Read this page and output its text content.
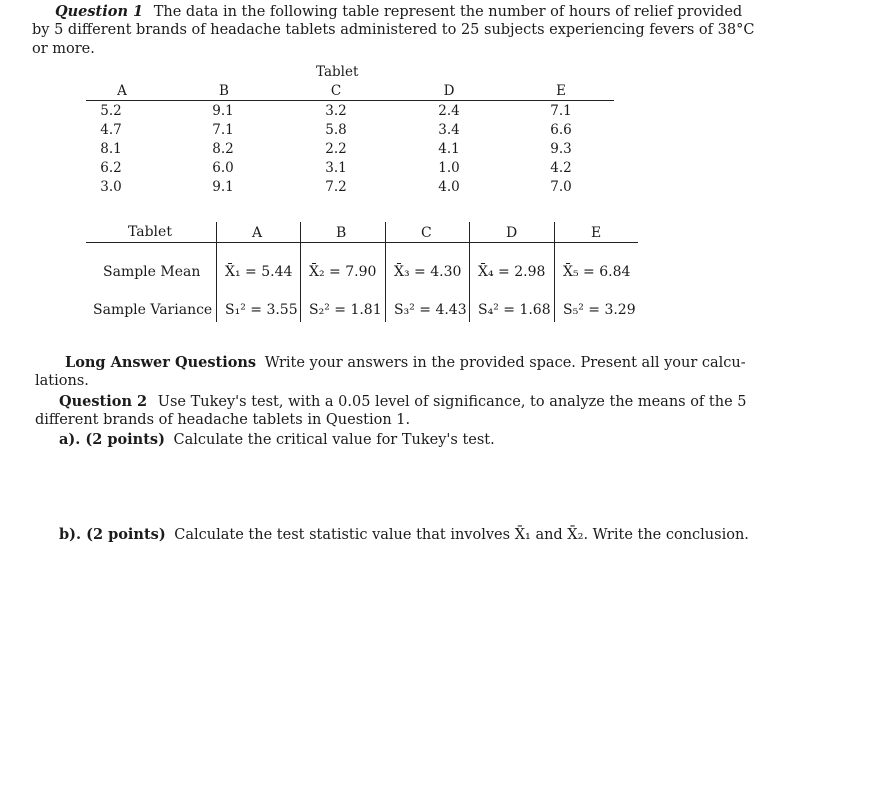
Question 1 The data in the following table represent the number of hours of relief provided
by 5 different brands of headache tablets administered to 25 subjects experiencing fevers of 38°C
or more.
Tablet
A	B	C	D	E
5.2	9.1	3.2	2.4	7.1
4.7	7.1	5.8	3.4	6.6
8.1	8.2	2.2	4.1	9.3
6.2	6.0	3.1	1.0	4.2
3.0	9.1	7.2	4.0	7.0
Tablet	A	B	C	D	E
Sample Mean X̄₁ = 5.44 X̄₂ = 7.90 X̄₃ = 4.30 X̄₄ = 2.98 X̄₅ = 6.84
Sample Variance S₁² = 3.55 S₂² = 1.81 S₃² = 4.43 S₄² = 1.68 S₅² = 3.29
Long Answer Questions Write your answers in the provided space. Present all your calcu-
lations.
Question 2 Use Tukey's test, with a 0.05 level of significance, to analyze the means of the 5
different brands of headache tablets in Question 1.
a). (2 points) Calculate the critical value for Tukey's test.
b). (2 points) Calculate the test statistic value that involves X̄₁ and X̄₂. Write the conclusion.
